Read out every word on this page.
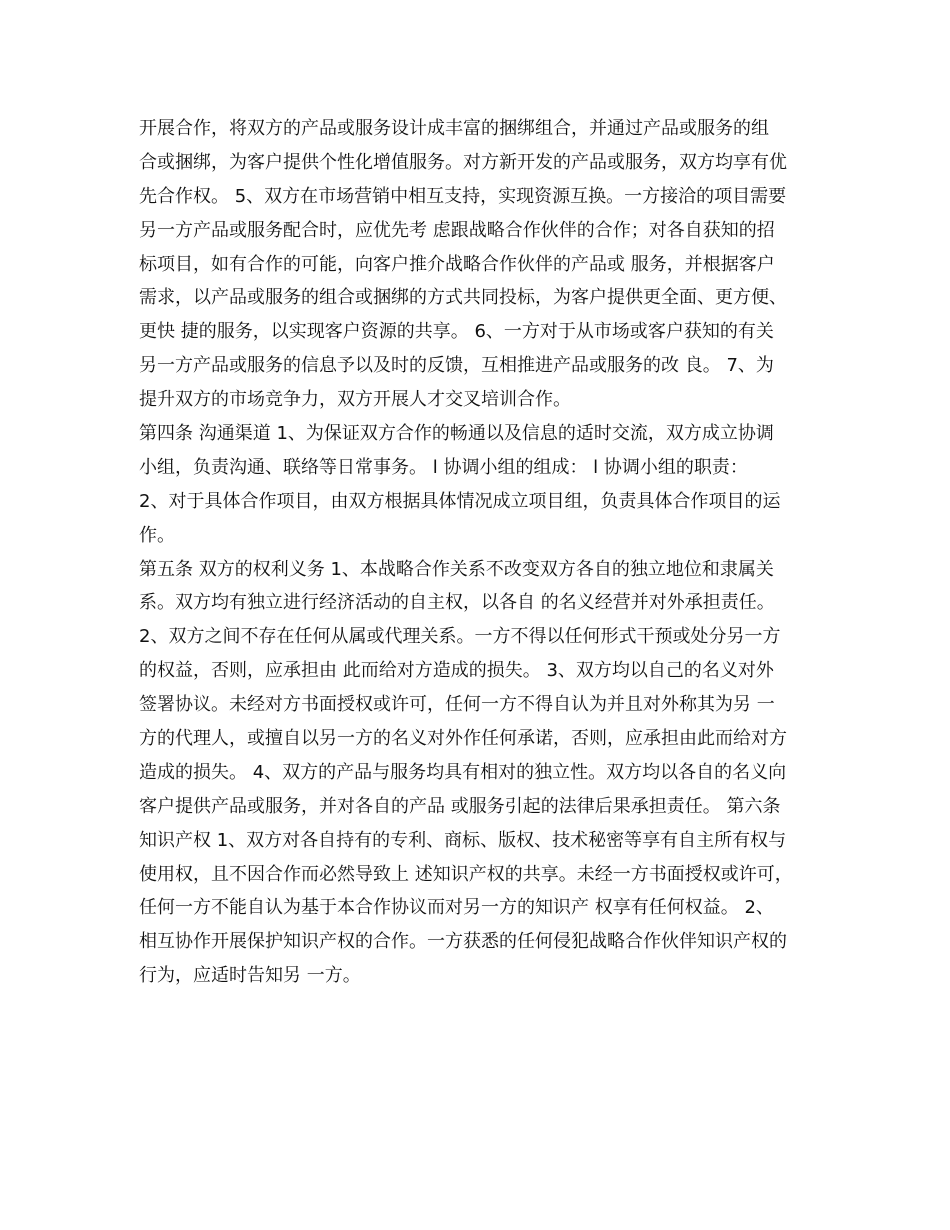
开展合作，将双方的产品或服务设计成丰富的捆绑组合，并通过产品或服务的组
合或捆绑，为客户提供个性化增值服务。对方新开发的产品或服务，双方均享有优
先合作权。 5、双方在市场营销中相互支持，实现资源互换。一方接洽的项目需要
另一方产品或服务配合时，应优先考 虑跟战略合作伙伴的合作；对各自获知的招
标项目，如有合作的可能，向客户推介战略合作伙伴的产品或 服务，并根据客户
需求，以产品或服务的组合或捆绑的方式共同投标，为客户提供更全面、更方便、
更快 捷的服务，以实现客户资源的共享。 6、一方对于从市场或客户获知的有关
另一方产品或服务的信息予以及时的反馈，互相推进产品或服务的改 良。 7、为
提升双方的市场竞争力，双方开展人才交叉培训合作。
第四条 沟通渠道 1、为保证双方合作的畅通以及信息的适时交流，双方成立协调
小组，负责沟通、联络等日常事务。 l 协调小组的组成： l 协调小组的职责：
2、对于具体合作项目，由双方根据具体情况成立项目组，负责具体合作项目的运
作。
第五条 双方的权利义务 1、本战略合作关系不改变双方各自的独立地位和隶属关
系。双方均有独立进行经济活动的自主权，以各自 的名义经营并对外承担责任。
2、双方之间不存在任何从属或代理关系。一方不得以任何形式干预或处分另一方
的权益，否则，应承担由 此而给对方造成的损失。 3、双方均以自己的名义对外
签署协议。未经对方书面授权或许可，任何一方不得自认为并且对外称其为另 一
方的代理人，或擅自以另一方的名义对外作任何承诺，否则，应承担由此而给对方
造成的损失。 4、双方的产品与服务均具有相对的独立性。双方均以各自的名义向
客户提供产品或服务，并对各自的产品 或服务引起的法律后果承担责任。 第六条
知识产权 1、双方对各自持有的专利、商标、版权、技术秘密等享有自主所有权与
使用权，且不因合作而必然导致上 述知识产权的共享。未经一方书面授权或许可，
任何一方不能自认为基于本合作协议而对另一方的知识产 权享有任何权益。 2、
相互协作开展保护知识产权的合作。一方获悉的任何侵犯战略合作伙伴知识产权的
行为，应适时告知另 一方。
